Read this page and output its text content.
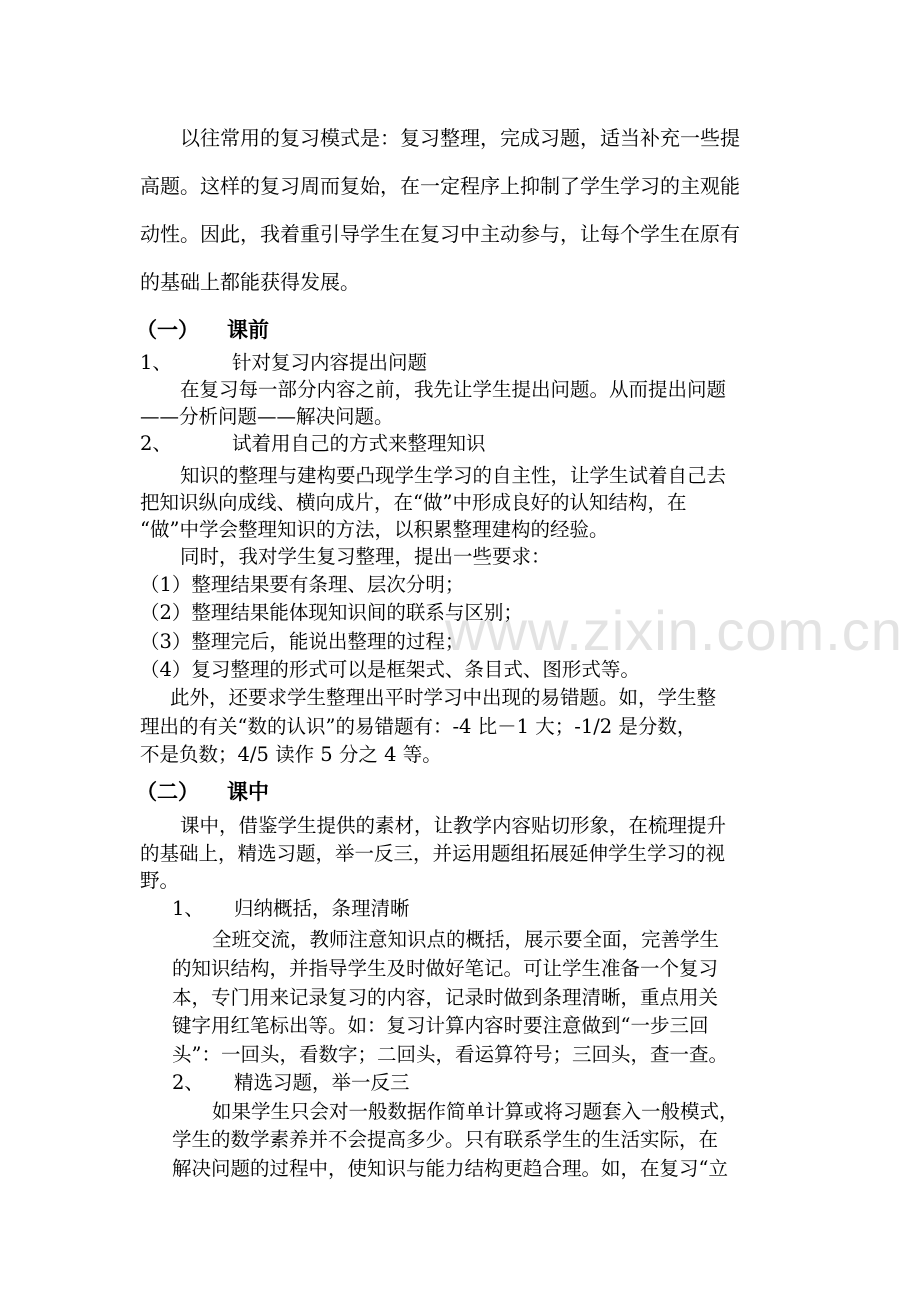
www.zixin.com.cn
以往常用的复习模式是：复习整理，完成习题，适当补充一些提
高题。这样的复习周而复始，在一定程序上抑制了学生学习的主观能
动性。因此，我着重引导学生在复习中主动参与，让每个学生在原有
的基础上都能获得发展。
（一） 课前
1、	针对复习内容提出问题
在复习每一部分内容之前，我先让学生提出问题。从而提出问题
——分析问题——解决问题。
2、	试着用自己的方式来整理知识
知识的整理与建构要凸现学生学习的自主性，让学生试着自己去
把知识纵向成线、横向成片，在“做”中形成良好的认知结构，在
“做”中学会整理知识的方法，以积累整理建构的经验。
同时，我对学生复习整理，提出一些要求：
（1）整理结果要有条理、层次分明；
（2）整理结果能体现知识间的联系与区别；
（3）整理完后，能说出整理的过程；
（4）复习整理的形式可以是框架式、条目式、图形式等。
此外，还要求学生整理出平时学习中出现的易错题。如，学生整
理出的有关“数的认识”的易错题有：-4 比－1 大；-1/2 是分数，
不是负数；4/5 读作 5 分之 4 等。
（二） 课中
课中，借鉴学生提供的素材，让教学内容贴切形象，在梳理提升
的基础上，精选习题，举一反三，并运用题组拓展延伸学生学习的视
野。
1、 归纳概括，条理清晰
全班交流，教师注意知识点的概括，展示要全面，完善学生
的知识结构，并指导学生及时做好笔记。可让学生准备一个复习
本，专门用来记录复习的内容，记录时做到条理清晰，重点用关
键字用红笔标出等。如：复习计算内容时要注意做到“一步三回
头”：一回头，看数字；二回头，看运算符号；三回头，查一查。
2、 精选习题，举一反三
如果学生只会对一般数据作简单计算或将习题套入一般模式，
学生的数学素养并不会提高多少。只有联系学生的生活实际，在
解决问题的过程中，使知识与能力结构更趋合理。如，在复习“立
